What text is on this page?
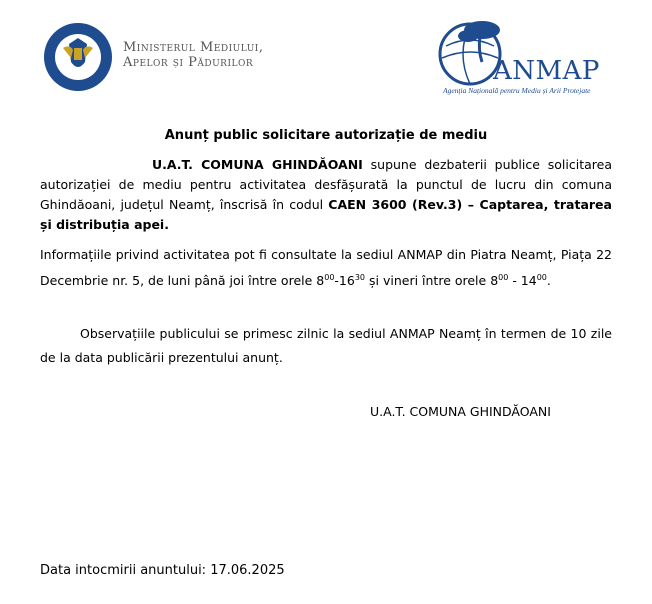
Ministerul Mediului,
Apelor și Pădurilor	ANMAP
Agenția Națională pentru Mediu și Arii Protejate
Anunț public solicitare autorizație de mediu
U.A.T. COMUNA GHINDĂOANI supune dezbaterii publice solicitarea autorizației de mediu pentru activitatea desfășurată la punctul de lucru din comuna Ghindăoani, județul Neamț, înscrisă în codul CAEN 3600 (Rev.3) – Captarea, tratarea și distribuția apei.
Informațiile privind activitatea pot fi consultate la sediul ANMAP din Piatra Neamț, Piața 22 Decembrie nr. 5, de luni până joi între orele $8^{00}-16^{30}$ și vineri între orele $8^{00} - 14^{00}$.
Observațiile publicului se primesc zilnic la sediul ANMAP Neamț în termen de 10 zile de la data publicării prezentului anunț.
U.A.T. COMUNA GHINDĂOANI
Data intocmirii anuntului: 17.06.2025
